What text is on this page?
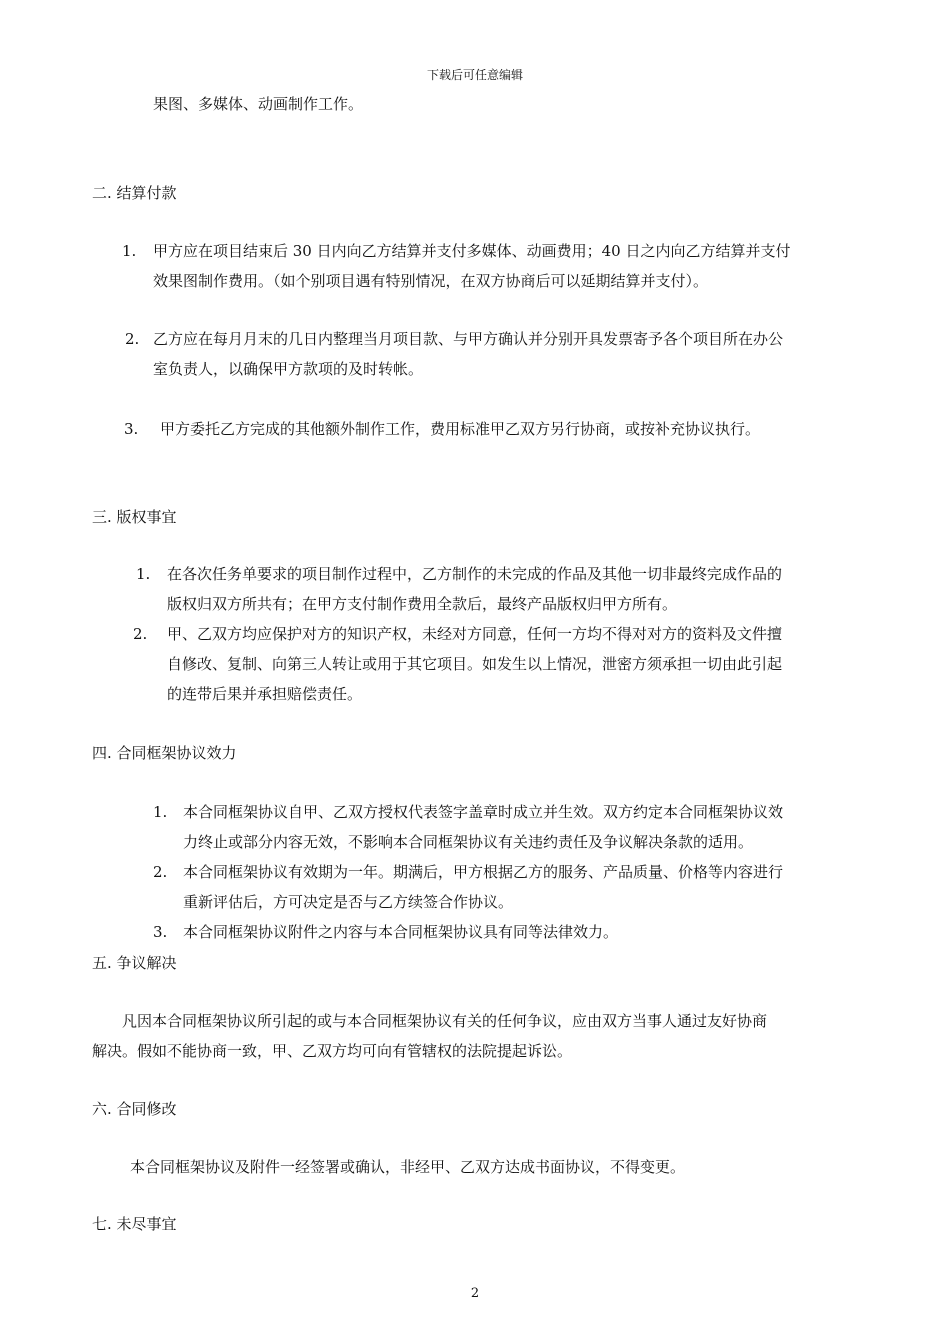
下载后可任意编辑
果图、多媒体、动画制作工作。
二. 结算付款
1. 甲方应在项目结束后 30 日内向乙方结算并支付多媒体、动画费用；40 日之内向乙方结算并支付
效果图制作费用。（如个别项目遇有特别情况，在双方协商后可以延期结算并支付）。
2. 乙方应在每月月末的几日内整理当月项目款、与甲方确认并分别开具发票寄予各个项目所在办公
室负责人，以确保甲方款项的及时转帐。
3. 甲方委托乙方完成的其他额外制作工作，费用标准甲乙双方另行协商，或按补充协议执行。
三. 版权事宜
1. 在各次任务单要求的项目制作过程中，乙方制作的未完成的作品及其他一切非最终完成作品的
版权归双方所共有；在甲方支付制作费用全款后，最终产品版权归甲方所有。
2. 甲、乙双方均应保护对方的知识产权，未经对方同意，任何一方均不得对对方的资料及文件擅
自修改、复制、向第三人转让或用于其它项目。如发生以上情况，泄密方须承担一切由此引起
的连带后果并承担赔偿责任。
四. 合同框架协议效力
1. 本合同框架协议自甲、乙双方授权代表签字盖章时成立并生效。双方约定本合同框架协议效
力终止或部分内容无效，不影响本合同框架协议有关违约责任及争议解决条款的适用。
2. 本合同框架协议有效期为一年。期满后，甲方根据乙方的服务、产品质量、价格等内容进行
重新评估后，方可决定是否与乙方续签合作协议。
3. 本合同框架协议附件之内容与本合同框架协议具有同等法律效力。
五. 争议解决
凡因本合同框架协议所引起的或与本合同框架协议有关的任何争议，应由双方当事人通过友好协商
解决。假如不能协商一致，甲、乙双方均可向有管辖权的法院提起诉讼。
六. 合同修改
本合同框架协议及附件一经签署或确认，非经甲、乙双方达成书面协议，不得变更。
七. 未尽事宜
2
